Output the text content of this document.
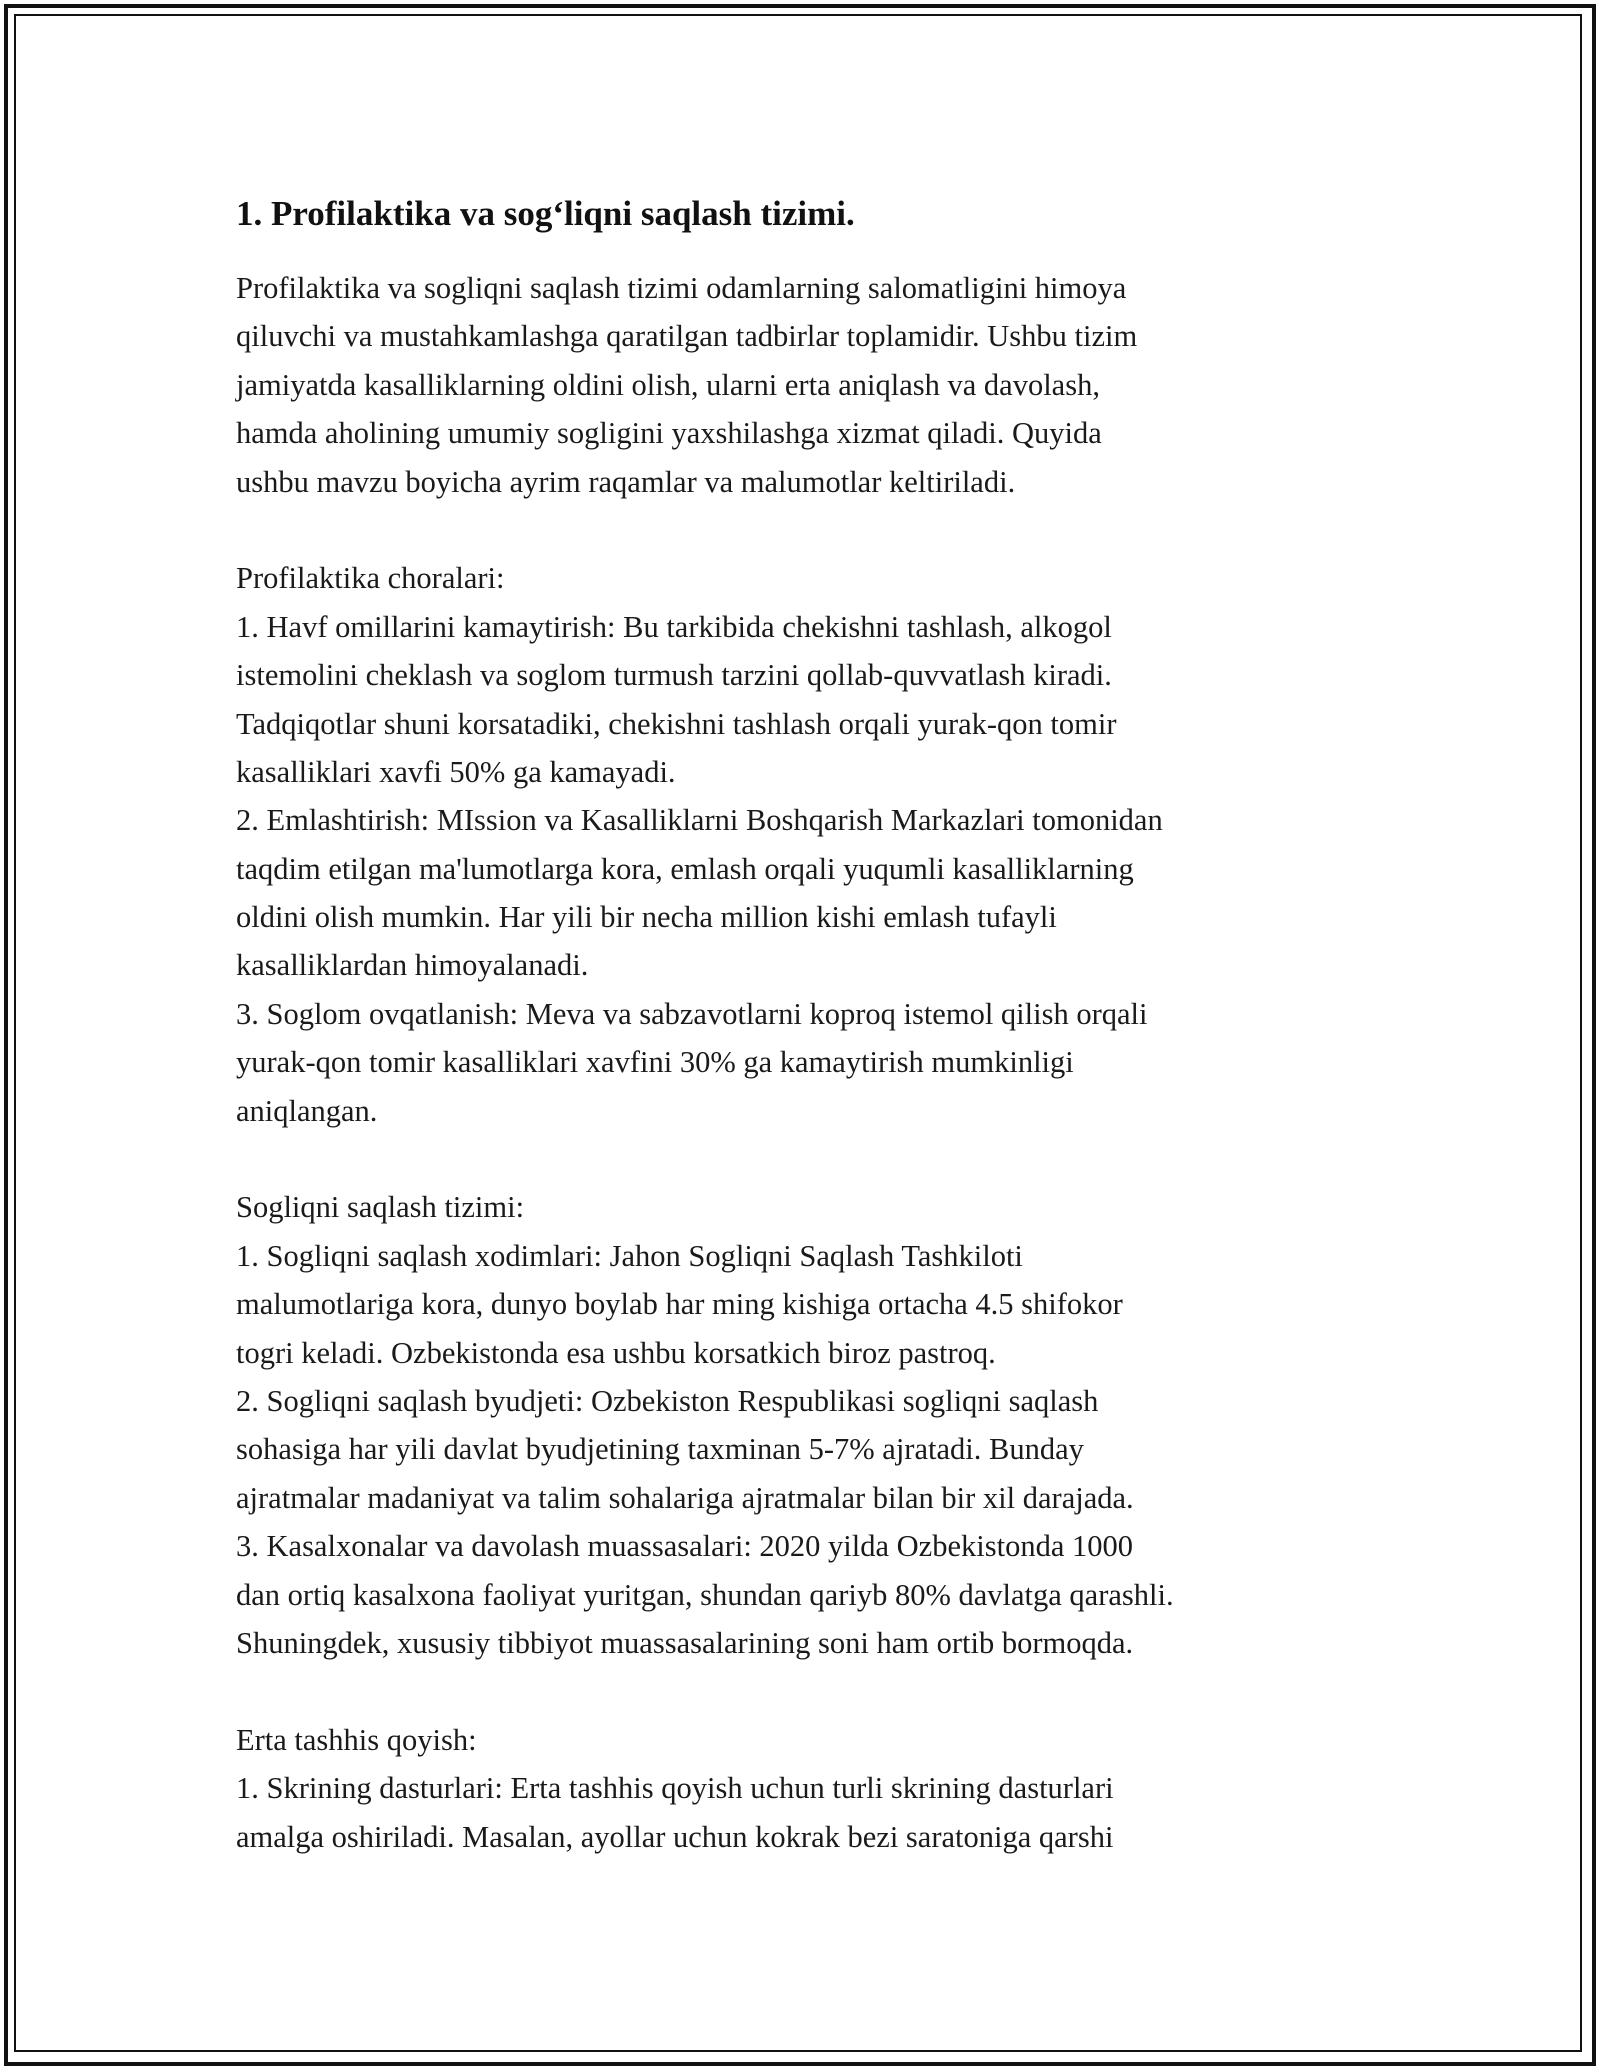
1. Profilaktika va sog‘liqni saqlash tizimi.
Profilaktika va sogliqni saqlash tizimi odamlarning salomatligini himoya
qiluvchi va mustahkamlashga qaratilgan tadbirlar toplamidir. Ushbu tizim
jamiyatda kasalliklarning oldini olish, ularni erta aniqlash va davolash,
hamda aholining umumiy sogligini yaxshilashga xizmat qiladi. Quyida
ushbu mavzu boyicha ayrim raqamlar va malumotlar keltiriladi.
Profilaktika choralari:
1. Havf omillarini kamaytirish: Bu tarkibida chekishni tashlash, alkogol
istemolini cheklash va soglom turmush tarzini qollab-quvvatlash kiradi.
Tadqiqotlar shuni korsatadiki, chekishni tashlash orqali yurak-qon tomir
kasalliklari xavfi 50% ga kamayadi.
2. Emlashtirish: MIssion va Kasalliklarni Boshqarish Markazlari tomonidan
taqdim etilgan ma'lumotlarga kora, emlash orqali yuqumli kasalliklarning
oldini olish mumkin. Har yili bir necha million kishi emlash tufayli
kasalliklardan himoyalanadi.
3. Soglom ovqatlanish: Meva va sabzavotlarni koproq istemol qilish orqali
yurak-qon tomir kasalliklari xavfini 30% ga kamaytirish mumkinligi
aniqlangan.
Sogliqni saqlash tizimi:
1. Sogliqni saqlash xodimlari: Jahon Sogliqni Saqlash Tashkiloti
malumotlariga kora, dunyo boylab har ming kishiga ortacha 4.5 shifokor
togri keladi. Ozbekistonda esa ushbu korsatkich biroz pastroq.
2. Sogliqni saqlash byudjeti: Ozbekiston Respublikasi sogliqni saqlash
sohasiga har yili davlat byudjetining taxminan 5-7% ajratadi. Bunday
ajratmalar madaniyat va talim sohalariga ajratmalar bilan bir xil darajada.
3. Kasalxonalar va davolash muassasalari: 2020 yilda Ozbekistonda 1000
dan ortiq kasalxona faoliyat yuritgan, shundan qariyb 80% davlatga qarashli.
Shuningdek, xususiy tibbiyot muassasalarining soni ham ortib bormoqda.
Erta tashhis qoyish:
1. Skrining dasturlari: Erta tashhis qoyish uchun turli skrining dasturlari
amalga oshiriladi. Masalan, ayollar uchun kokrak bezi saratoniga qarshi
